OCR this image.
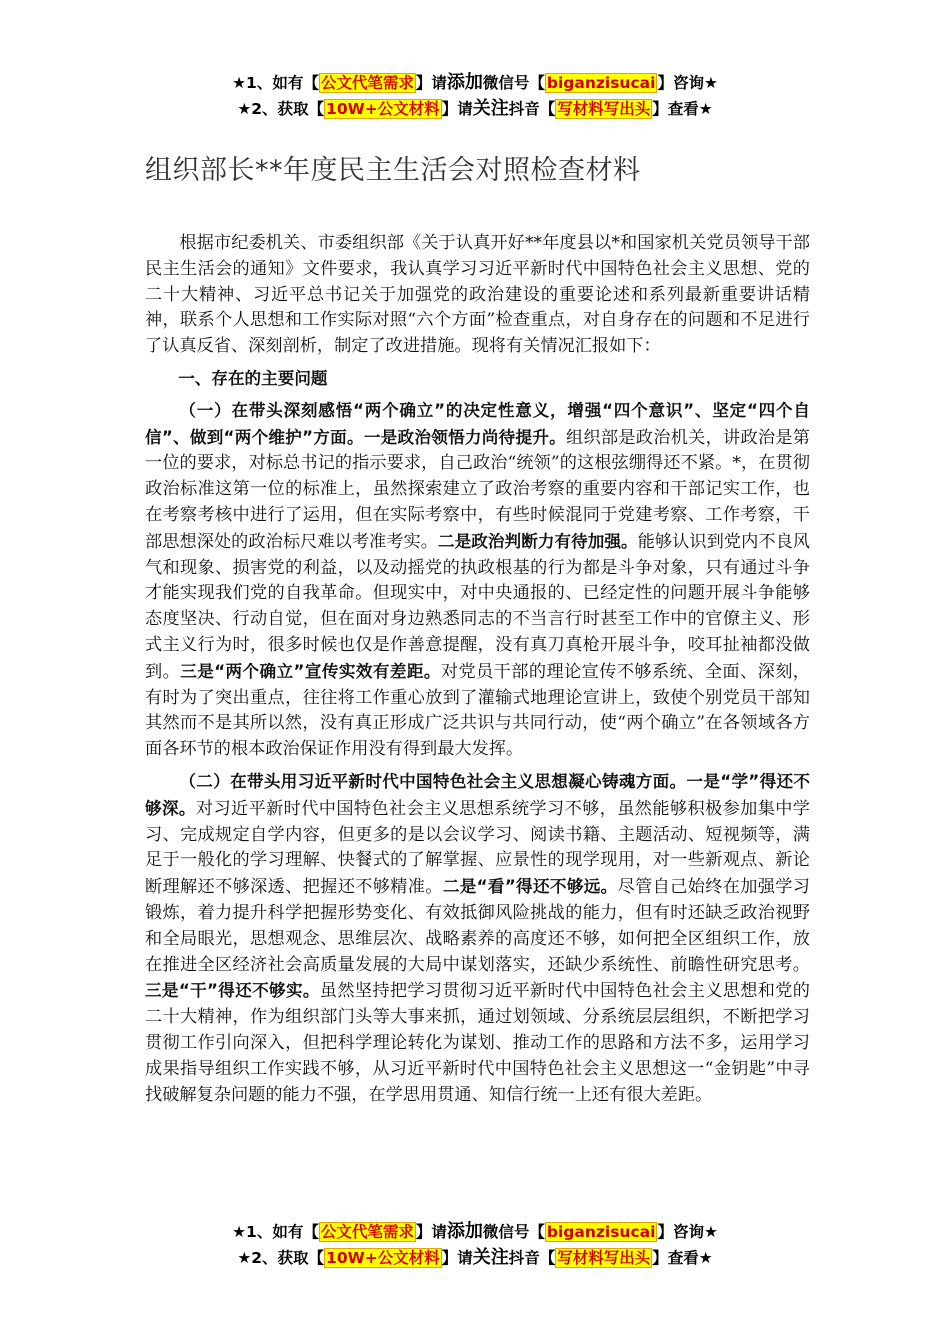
★1、如有【 公文代笔需求 】请添加微信号【 biganzisucai 】咨询★
★2、获取【 10W+公文材料 】请关注抖音【 写材料写出头 】查看★
组织部长**年度民主生活会对照检查材料

根据市纪委机关、市委组织部《关于认真开好**年度县以*和国家机关党员领导干部民主生活会的通知》文件要求，我认真学习习近平新时代中国特色社会主义思想、党的二十大精神、习近平总书记关于加强党的政治建设的重要论述和系列最新重要讲话精神，联系个人思想和工作实际对照“六个方面”检查重点，对自身存在的问题和不足进行了认真反省、深刻剖析，制定了改进措施。现将有关情况汇报如下：

一、存在的主要问题

（一）在带头深刻感悟“两个确立”的决定性意义，增强“四个意识”、坚定“四个自信”、做到“两个维护”方面。一是政治领悟力尚待提升。组织部是政治机关，讲政治是第一位的要求，对标总书记的指示要求，自己政治“统领”的这根弦绷得还不紧。*，在贯彻政治标准这第一位的标准上，虽然探索建立了政治考察的重要内容和干部记实工作，也在考察考核中进行了运用，但在实际考察中，有些时候混同于党建考察、工作考察，干部思想深处的政治标尺难以考准考实。二是政治判断力有待加强。能够认识到党内不良风气和现象、损害党的利益，以及动摇党的执政根基的行为都是斗争对象，只有通过斗争才能实现我们党的自我革命。但现实中，对中央通报的、已经定性的问题开展斗争能够态度坚决、行动自觉，但在面对身边熟悉同志的不当言行时甚至工作中的官僚主义、形式主义行为时，很多时候也仅是作善意提醒，没有真刀真枪开展斗争，咬耳扯袖都没做到。三是“两个确立”宣传实效有差距。对党员干部的理论宣传不够系统、全面、深刻，有时为了突出重点，往往将工作重心放到了灌输式地理论宣讲上，致使个别党员干部知其然而不是其所以然，没有真正形成广泛共识与共同行动，使“两个确立”在各领域各方面各环节的根本政治保证作用没有得到最大发挥。

（二）在带头用习近平新时代中国特色社会主义思想凝心铸魂方面。一是“学”得还不够深。对习近平新时代中国特色社会主义思想系统学习不够，虽然能够积极参加集中学习、完成规定自学内容，但更多的是以会议学习、阅读书籍、主题活动、短视频等，满足于一般化的学习理解、快餐式的了解掌握、应景性的现学现用，对一些新观点、新论断理解还不够深透、把握还不够精准。二是“看”得还不够远。尽管自己始终在加强学习锻炼，着力提升科学把握形势变化、有效抵御风险挑战的能力，但有时还缺乏政治视野和全局眼光，思想观念、思维层次、战略素养的高度还不够，如何把全区组织工作，放在推进全区经济社会高质量发展的大局中谋划落实，还缺少系统性、前瞻性研究思考。三是“干”得还不够实。虽然坚持把学习贯彻习近平新时代中国特色社会主义思想和党的二十大精神，作为组织部门头等大事来抓，通过划领域、分系统层层组织，不断把学习贯彻工作引向深入，但把科学理论转化为谋划、推动工作的思路和方法不多，运用学习成果指导组织工作实践不够，从习近平新时代中国特色社会主义思想这一“金钥匙”中寻找破解复杂问题的能力不强，在学思用贯通、知信行统一上还有很大差距。

★1、如有【 公文代笔需求 】请添加微信号【 biganzisucai 】咨询★
★2、获取【 10W+公文材料 】请关注抖音【 写材料写出头 】查看★
